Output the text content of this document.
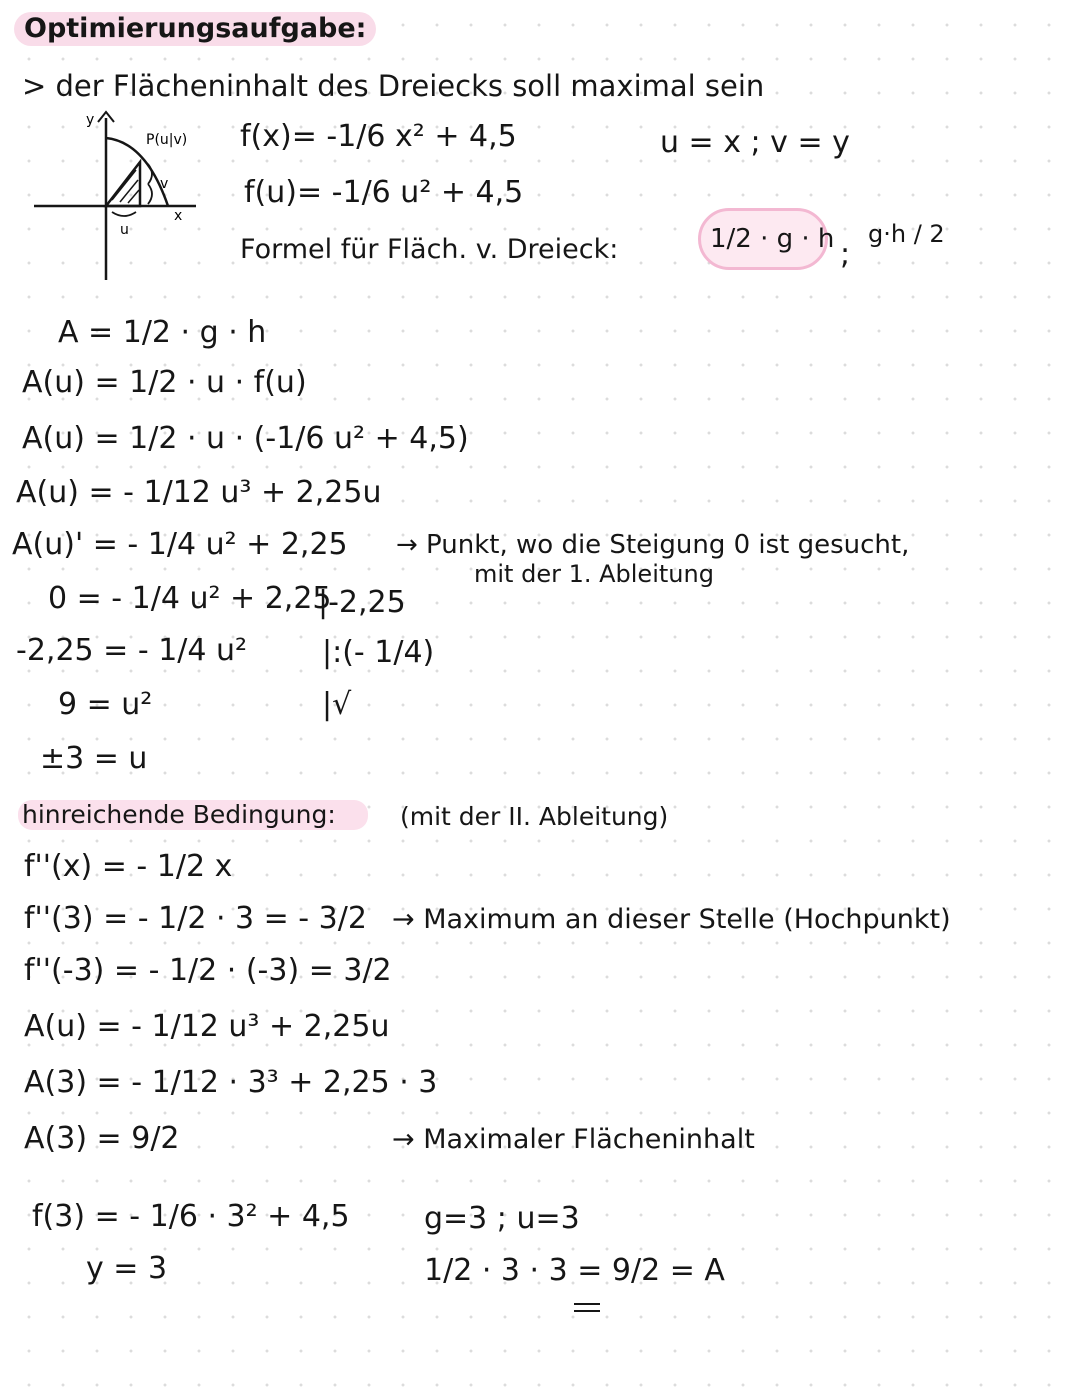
Optimierungsaufgabe:
> der Flächeninhalt des Dreiecks soll maximal sein
y
P(u|v)
v
u
x
f(x)= -1/6 x² + 4,5
f(u)= -1/6 u² + 4,5
u = x ; v = y
Formel für Fläch. v. Dreieck:	1/2 · g · h ;
g·h / 2
A = 1/2 · g · h
A(u) = 1/2 · u · f(u)
A(u) = 1/2 · u · (-1/6 u² + 4,5)
A(u) = - 1/12 u³ + 2,25u
A(u)' = - 1/4 u² + 2,25
0 = - 1/4 u² + 2,25
-2,25 = - 1/4 u²
9 = u²
±3 = u
|-2,25
|:(- 1/4)
|√
→ Punkt, wo die Steigung 0 ist gesucht,
mit der 1. Ableitung
hinreichende Bedingung:	(mit der II. Ableitung)
f''(x) = - 1/2 x
f''(3) = - 1/2 · 3 = - 3/2
f''(-3) = - 1/2 · (-3) = 3/2
A(u) = - 1/12 u³ + 2,25u
A(3) = - 1/12 · 3³ + 2,25 · 3
A(3) = 9/2
→ Maximum an dieser Stelle (Hochpunkt)
→ Maximaler Flächeninhalt
f(3) = - 1/6 · 3² + 4,5
y = 3
g=3 ; u=3
1/2 · 3 · 3 = 9/2 = A
